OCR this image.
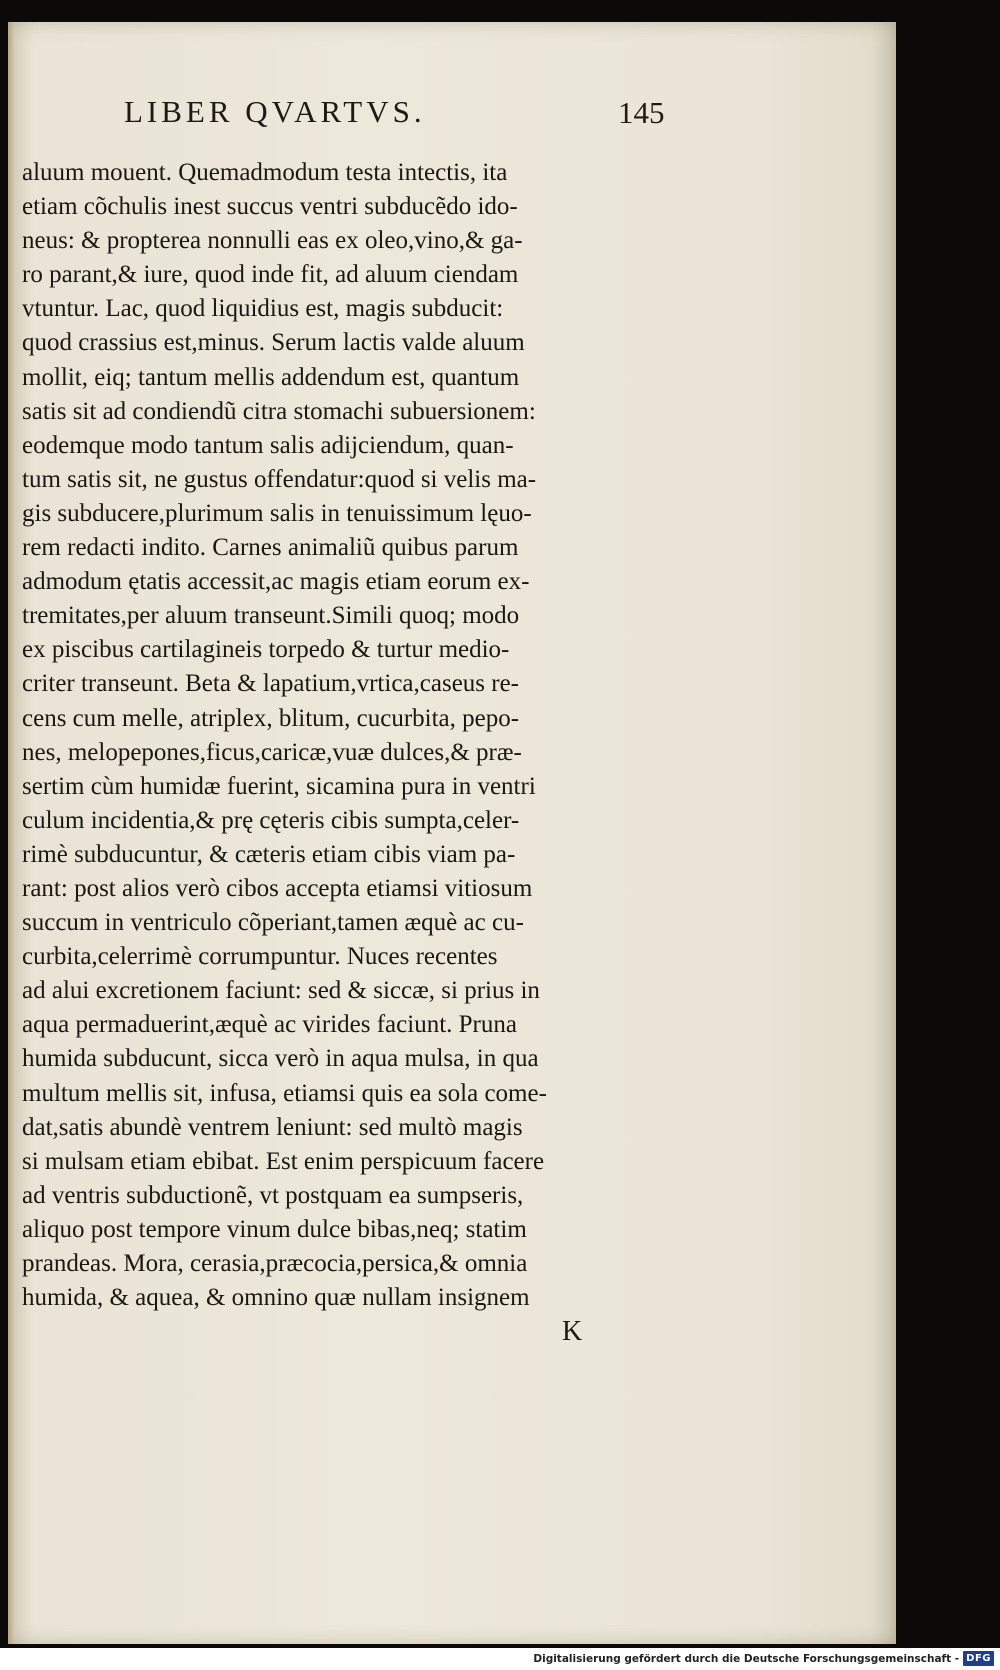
LIBER QVARTVS.	145
aluum mouent. Quemadmodum testa intectis, ita
etiam cõchulis inest succus ventri subducẽdo ido-
neus: & propterea nonnulli eas ex oleo,vino,& ga-
ro parant,& iure, quod inde fit, ad aluum ciendam
vtuntur. Lac, quod liquidius est, magis subducit:
quod crassius est,minus. Serum lactis valde aluum
mollit, eiq; tantum mellis addendum est, quantum
satis sit ad condiendũ citra stomachi subuersionem:
eodemque modo tantum salis adijciendum, quan-
tum satis sit, ne gustus offendatur:quod si velis ma-
gis subducere,plurimum salis in tenuissimum lęuo-
rem redacti indito. Carnes animaliũ quibus parum
admodum ętatis accessit,ac magis etiam eorum ex-
tremitates,per aluum transeunt.Simili quoq; modo
ex piscibus cartilagineis torpedo & turtur medio-
criter transeunt. Beta & lapatium,vrtica,caseus re-
cens cum melle, atriplex, blitum, cucurbita, pepo-
nes, melopepones,ficus,caricæ,vuæ dulces,& præ-
sertim cùm humidæ fuerint, sicamina pura in ventri
culum incidentia,& prę cęteris cibis sumpta,celer-
rimè subducuntur, & cæteris etiam cibis viam pa-
rant: post alios verò cibos accepta etiamsi vitiosum
succum in ventriculo cõperiant,tamen æquè ac cu-
curbita,celerrimè corrumpuntur. Nuces recentes
ad alui excretionem faciunt: sed & siccæ, si prius in
aqua permaduerint,æquè ac virides faciunt. Pruna
humida subducunt, sicca verò in aqua mulsa, in qua
multum mellis sit, infusa, etiamsi quis ea sola come-
dat,satis abundè ventrem leniunt: sed multò magis
si mulsam etiam ebibat. Est enim perspicuum facere
ad ventris subductionẽ, vt postquam ea sumpseris,
aliquo post tempore vinum dulce bibas,neq; statim
prandeas. Mora, cerasia,præcocia,persica,& omnia
humida, & aquea, & omnino quæ nullam insignem
K
Digitalisierung gefördert durch die Deutsche Forschungsgemeinschaft - DFG
